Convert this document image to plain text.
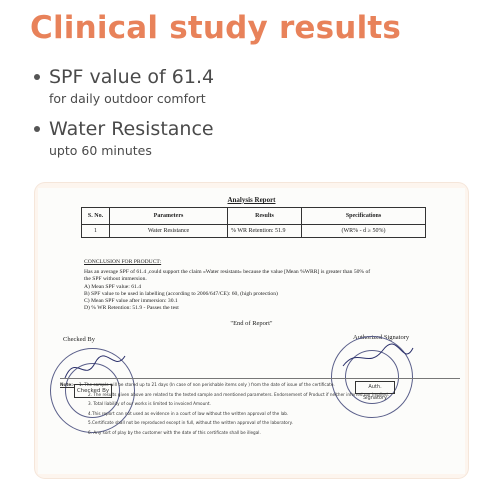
Clinical study results
SPF value of 61.4
for daily outdoor comfort
Water Resistance
upto 60 minutes
Analysis Report
S. No.	Parameters	Results	Specifications
1	Water Resistance	% WR Retention: 51.9	(WR% - d ≥ 50%)
CONCLUSION FOR PRODUCT:
Has an average SPF of 61.4 ,could support the claim «Water resistant» because the value [Mean %WRR] is greater than 50% of
the SPF without immersion.
A) Mean SPF value: 61.4
B) SPF value to be used in labelling (according to 2006/647/CE): 60, (high protection)
C) Mean SPF value after immersion: 30.1
D) % WR Retention: 51.9 - Passes the test
"End of Report"
Checked By	Authorized Signatory
Checked By
Auth. Signatory
Note:- 1. The sample will be stored up to 21 days (In case of non perishable items only ) from the date of issue of the certificate.
2. The results given above are related to the tested sample and mentioned parameters. Endorsement of Product if neither inferred nor implied.
3. Total liability of our works is limited to invoiced Amount.
4.This report can not used as evidence in a court of law without the written approval of the lab.
5.Certificate shall not be reproduced except in full, without the written approval of the laboratory.
6. Any sort of play by the customer with the date of this certificate shall be illegal.
